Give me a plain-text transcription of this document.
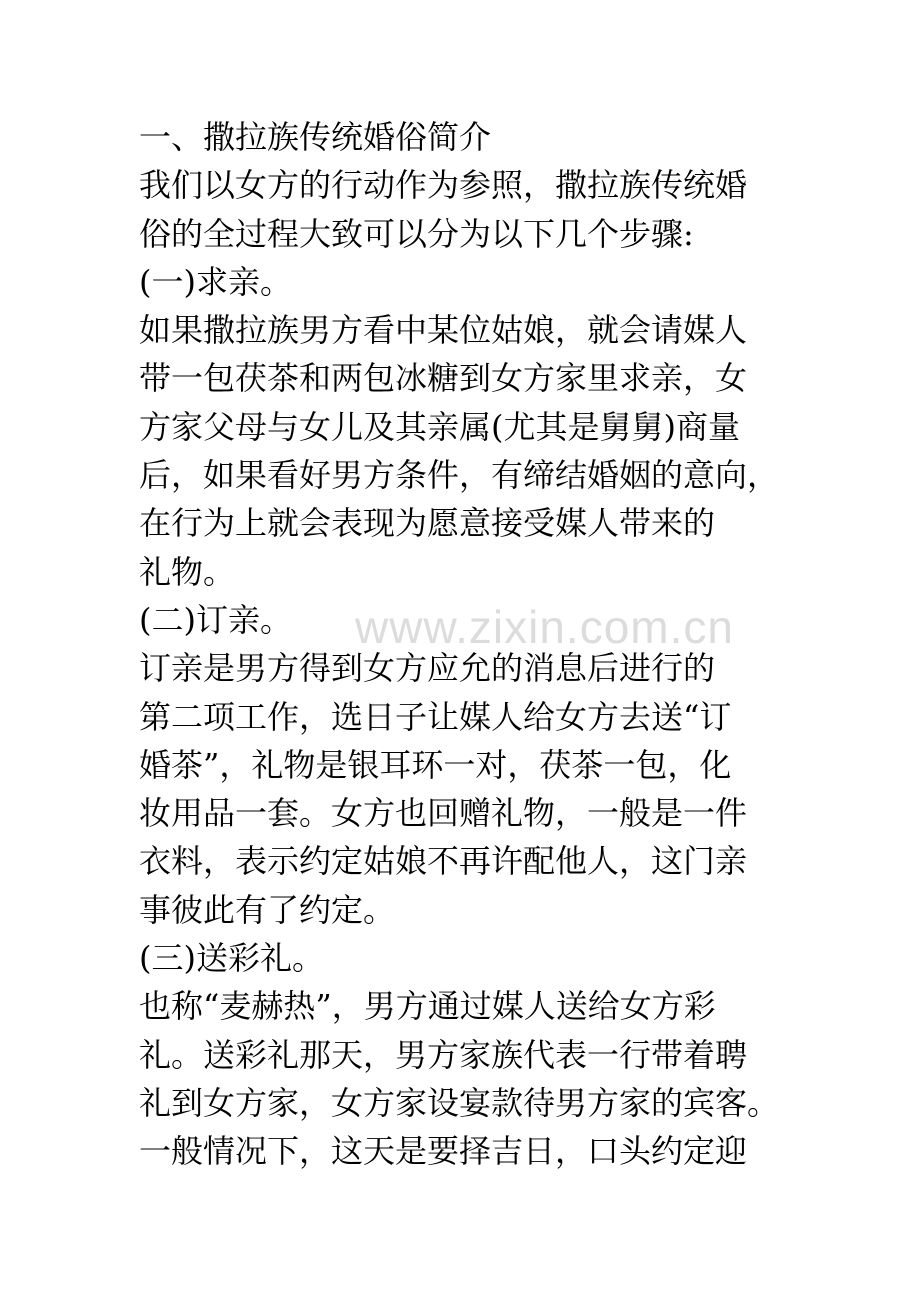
一、撒拉族传统婚俗简介
我们以女方的行动作为参照，撒拉族传统婚
俗的全过程大致可以分为以下几个步骤:
(一)求亲。
如果撒拉族男方看中某位姑娘，就会请媒人
带一包茯茶和两包冰糖到女方家里求亲，女
方家父母与女儿及其亲属(尤其是舅舅)商量
后，如果看好男方条件，有缔结婚姻的意向，
在行为上就会表现为愿意接受媒人带来的
礼物。
(二)订亲。
订亲是男方得到女方应允的消息后进行的
第二项工作，选日子让媒人给女方去送“订
婚茶”，礼物是银耳环一对，茯茶一包，化
妆用品一套。女方也回赠礼物，一般是一件
衣料，表示约定姑娘不再许配他人，这门亲
事彼此有了约定。
(三)送彩礼。
也称“麦赫热”，男方通过媒人送给女方彩
礼。送彩礼那天，男方家族代表一行带着聘
礼到女方家，女方家设宴款待男方家的宾客。
一般情况下，这天是要择吉日，口头约定迎
www.zixin.com.cn
